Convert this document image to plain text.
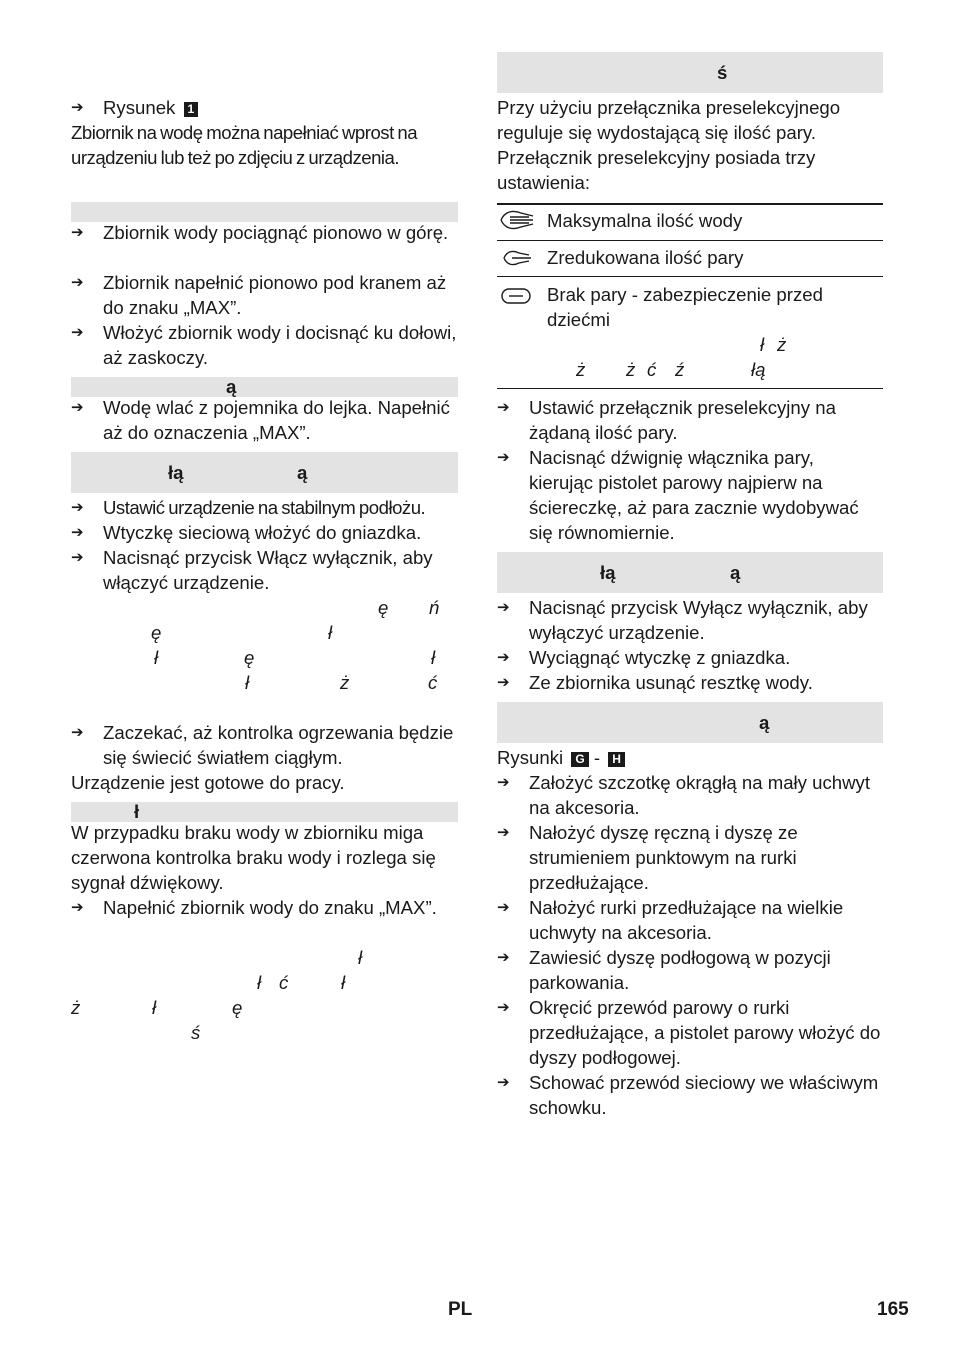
➔ Rysunek 1

Zbiornik na wodę można napełniać wprost na urządzeniu lub też po zdjęciu z urządzenia.

➔ Zbiornik wody pociągnąć pionowo w górę.

➔ Zbiornik napełnić pionowo pod kranem aż do znaku „MAX”.

➔ Włożyć zbiornik wody i docisnąć ku dołowi, aż zaskoczy.

ą
➔ Wodę wlać z pojemnika do lejka. Napełnić aż do oznaczenia „MAX”.

łą	ą
➔ Ustawić urządzenie na stabilnym podłożu.

➔ Wtyczkę sieciową włożyć do gniazdka.

➔ Nacisnąć przycisk Włącz wyłącznik, aby włączyć urządzenie.

ę ń
ę	ł
ł	ę	ł
ł	ż	ć
➔ Zaczekać, aż kontrolka ogrzewania będzie się świecić światłem ciągłym.

Urządzenie jest gotowe do pracy.

ł

W przypadku braku wody w zbiorniku miga czerwona kontrolka braku wody i rozlega się sygnał dźwiękowy.

➔ Napełnić zbiornik wody do znaku „MAX”.

ł
ł ć	ł
ż	ł	ę
ś
ś

Przy użyciu przełącznika preselekcyjnego reguluje się wydostającą się ilość pary. Przełącznik preselekcyjny posiada trzy ustawienia:

Maksymalna ilość wody

Zredukowana ilość pary

Brak pary - zabezpieczenie przed dziećmi

ł ż
ż ż ć ź	łą
➔ Ustawić przełącznik preselekcyjny na żądaną ilość pary.

➔ Nacisnąć dźwignię włącznika pary, kierując pistolet parowy najpierw na ściereczkę, aż para zacznie wydobywać się równomiernie.

łą	ą
➔ Nacisnąć przycisk Wyłącz wyłącznik, aby wyłączyć urządzenie.

➔ Wyciągnąć wtyczkę z gniazdka.

➔ Ze zbiornika usunąć resztkę wody.

ą
Rysunki G - H
➔ Założyć szczotkę okrągłą na mały uchwyt na akcesoria.

➔ Nałożyć dyszę ręczną i dyszę ze strumieniem punktowym na rurki przedłużające.

➔ Nałożyć rurki przedłużające na wielkie uchwyty na akcesoria.

➔ Zawiesić dyszę podłogową w pozycji parkowania.

➔ Okręcić przewód parowy o rurki przedłużające, a pistolet parowy włożyć do dyszy podłogowej.

➔ Schować przewód sieciowy we właściwym schowku.

PL	165
